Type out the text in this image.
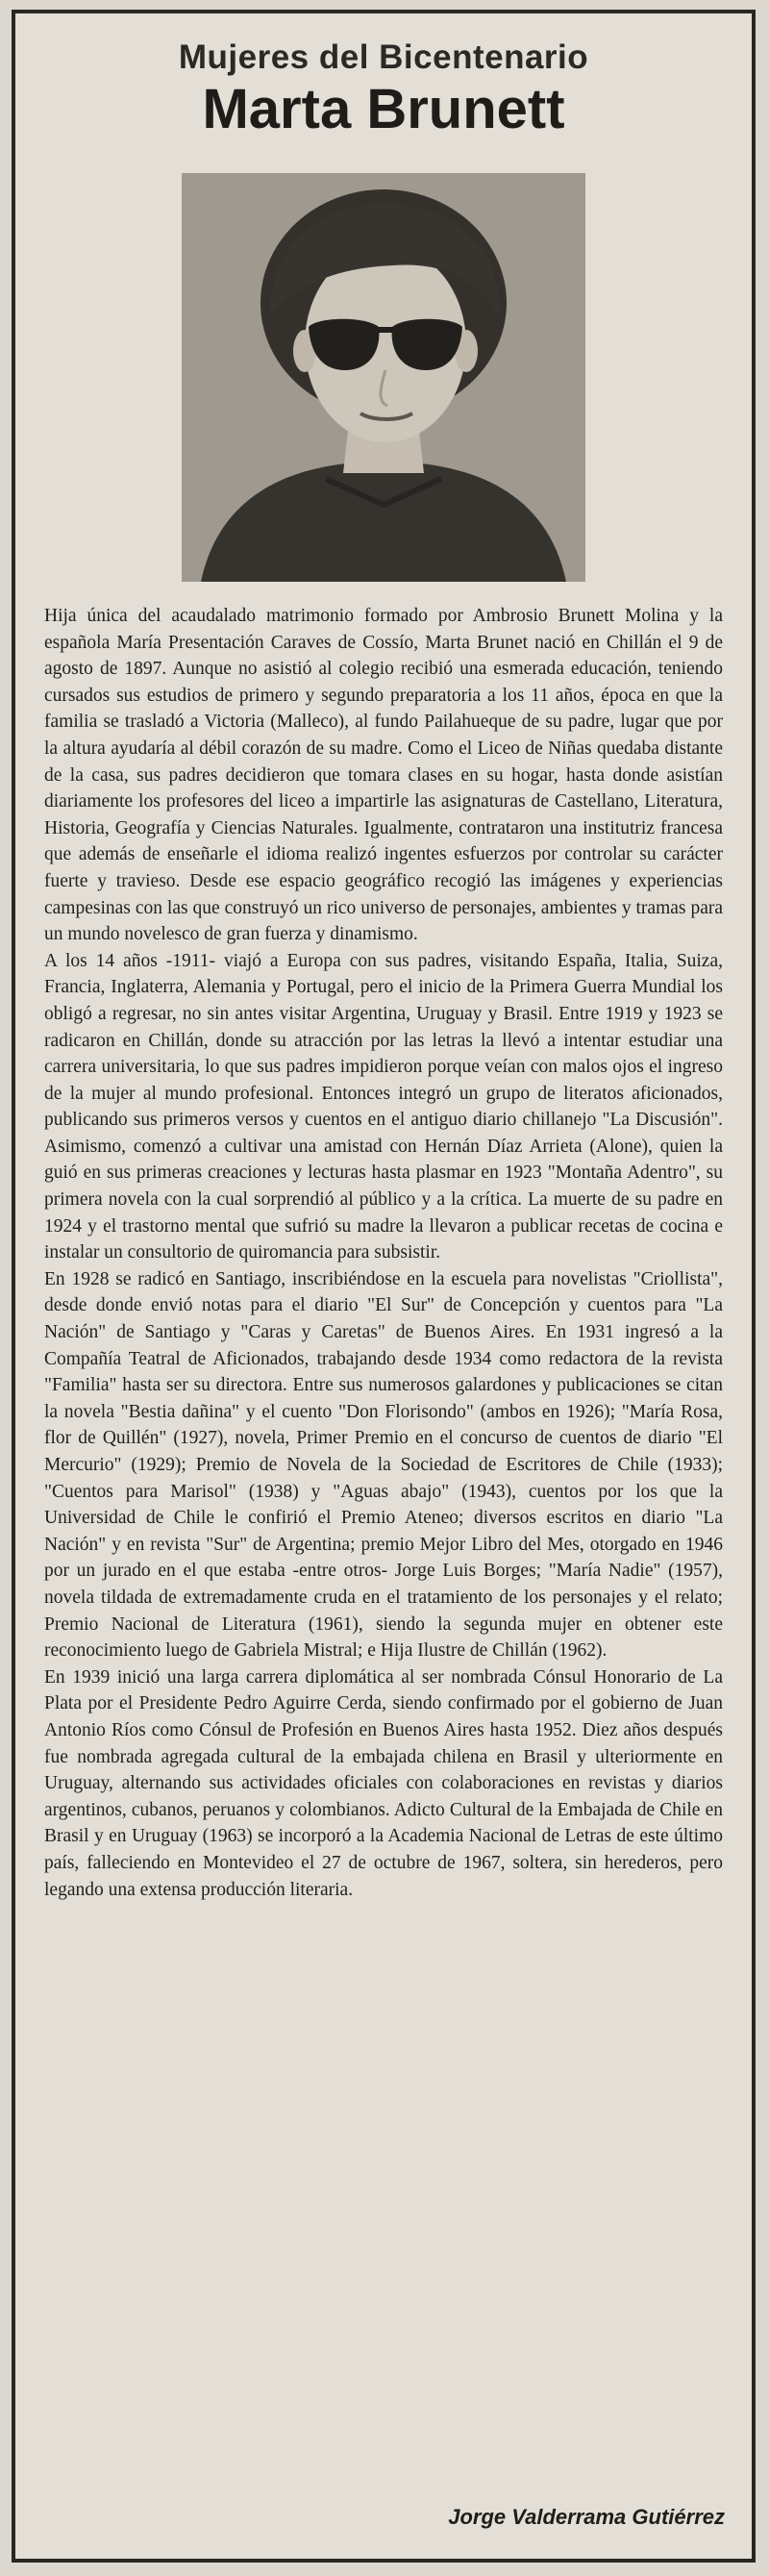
Mujeres del Bicentenario
Marta Brunett

Hija única del acaudalado matrimonio formado por Ambrosio Brunett Molina y la española María Presentación Caraves de Cossío, Marta Brunet nació en Chillán el 9 de agosto de 1897. Aunque no asistió al colegio recibió una esmerada educación, teniendo cursados sus estudios de primero y segundo preparatoria a los 11 años, época en que la familia se trasladó a Victoria (Malleco), al fundo Pailahueque de su padre, lugar que por la altura ayudaría al débil corazón de su madre. Como el Liceo de Niñas quedaba distante de la casa, sus padres decidieron que tomara clases en su hogar, hasta donde asistían diariamente los profesores del liceo a impartirle las asignaturas de Castellano, Literatura, Historia, Geografía y Ciencias Naturales. Igualmente, contrataron una institutriz francesa que además de enseñarle el idioma realizó ingentes esfuerzos por controlar su carácter fuerte y travieso. Desde ese espacio geográfico recogió las imágenes y experiencias campesinas con las que construyó un rico universo de personajes, ambientes y tramas para un mundo novelesco de gran fuerza y dinamismo.

A los 14 años -1911- viajó a Europa con sus padres, visitando España, Italia, Suiza, Francia, Inglaterra, Alemania y Portugal, pero el inicio de la Primera Guerra Mundial los obligó a regresar, no sin antes visitar Argentina, Uruguay y Brasil. Entre 1919 y 1923 se radicaron en Chillán, donde su atracción por las letras la llevó a intentar estudiar una carrera universitaria, lo que sus padres impidieron porque veían con malos ojos el ingreso de la mujer al mundo profesional. Entonces integró un grupo de literatos aficionados, publicando sus primeros versos y cuentos en el antiguo diario chillanejo "La Discusión". Asimismo, comenzó a cultivar una amistad con Hernán Díaz Arrieta (Alone), quien la guió en sus primeras creaciones y lecturas hasta plasmar en 1923 "Montaña Adentro", su primera novela con la cual sorprendió al público y a la crítica. La muerte de su padre en 1924 y el trastorno mental que sufrió su madre la llevaron a publicar recetas de cocina e instalar un consultorio de quiromancia para subsistir.

En 1928 se radicó en Santiago, inscribiéndose en la escuela para novelistas "Criollista", desde donde envió notas para el diario "El Sur" de Concepción y cuentos para "La Nación" de Santiago y "Caras y Caretas" de Buenos Aires. En 1931 ingresó a la Compañía Teatral de Aficionados, trabajando desde 1934 como redactora de la revista "Familia" hasta ser su directora. Entre sus numerosos galardones y publicaciones se citan la novela "Bestia dañina" y el cuento "Don Florisondo" (ambos en 1926); "María Rosa, flor de Quillén" (1927), novela, Primer Premio en el concurso de cuentos de diario "El Mercurio" (1929); Premio de Novela de la Sociedad de Escritores de Chile (1933); "Cuentos para Marisol" (1938) y "Aguas abajo" (1943), cuentos por los que la Universidad de Chile le confirió el Premio Ateneo; diversos escritos en diario "La Nación" y en revista "Sur" de Argentina; premio Mejor Libro del Mes, otorgado en 1946 por un jurado en el que estaba -entre otros- Jorge Luis Borges; "María Nadie" (1957), novela tildada de extremadamente cruda en el tratamiento de los personajes y el relato; Premio Nacional de Literatura (1961), siendo la segunda mujer en obtener este reconocimiento luego de Gabriela Mistral; e Hija Ilustre de Chillán (1962).

En 1939 inició una larga carrera diplomática al ser nombrada Cónsul Honorario de La Plata por el Presidente Pedro Aguirre Cerda, siendo confirmado por el gobierno de Juan Antonio Ríos como Cónsul de Profesión en Buenos Aires hasta 1952. Diez años después fue nombrada agregada cultural de la embajada chilena en Brasil y ulteriormente en Uruguay, alternando sus actividades oficiales con colaboraciones en revistas y diarios argentinos, cubanos, peruanos y colombianos. Adicto Cultural de la Embajada de Chile en Brasil y en Uruguay (1963) se incorporó a la Academia Nacional de Letras de este último país, falleciendo en Montevideo el 27 de octubre de 1967, soltera, sin herederos, pero legando una extensa producción literaria.

Jorge Valderrama Gutiérrez
